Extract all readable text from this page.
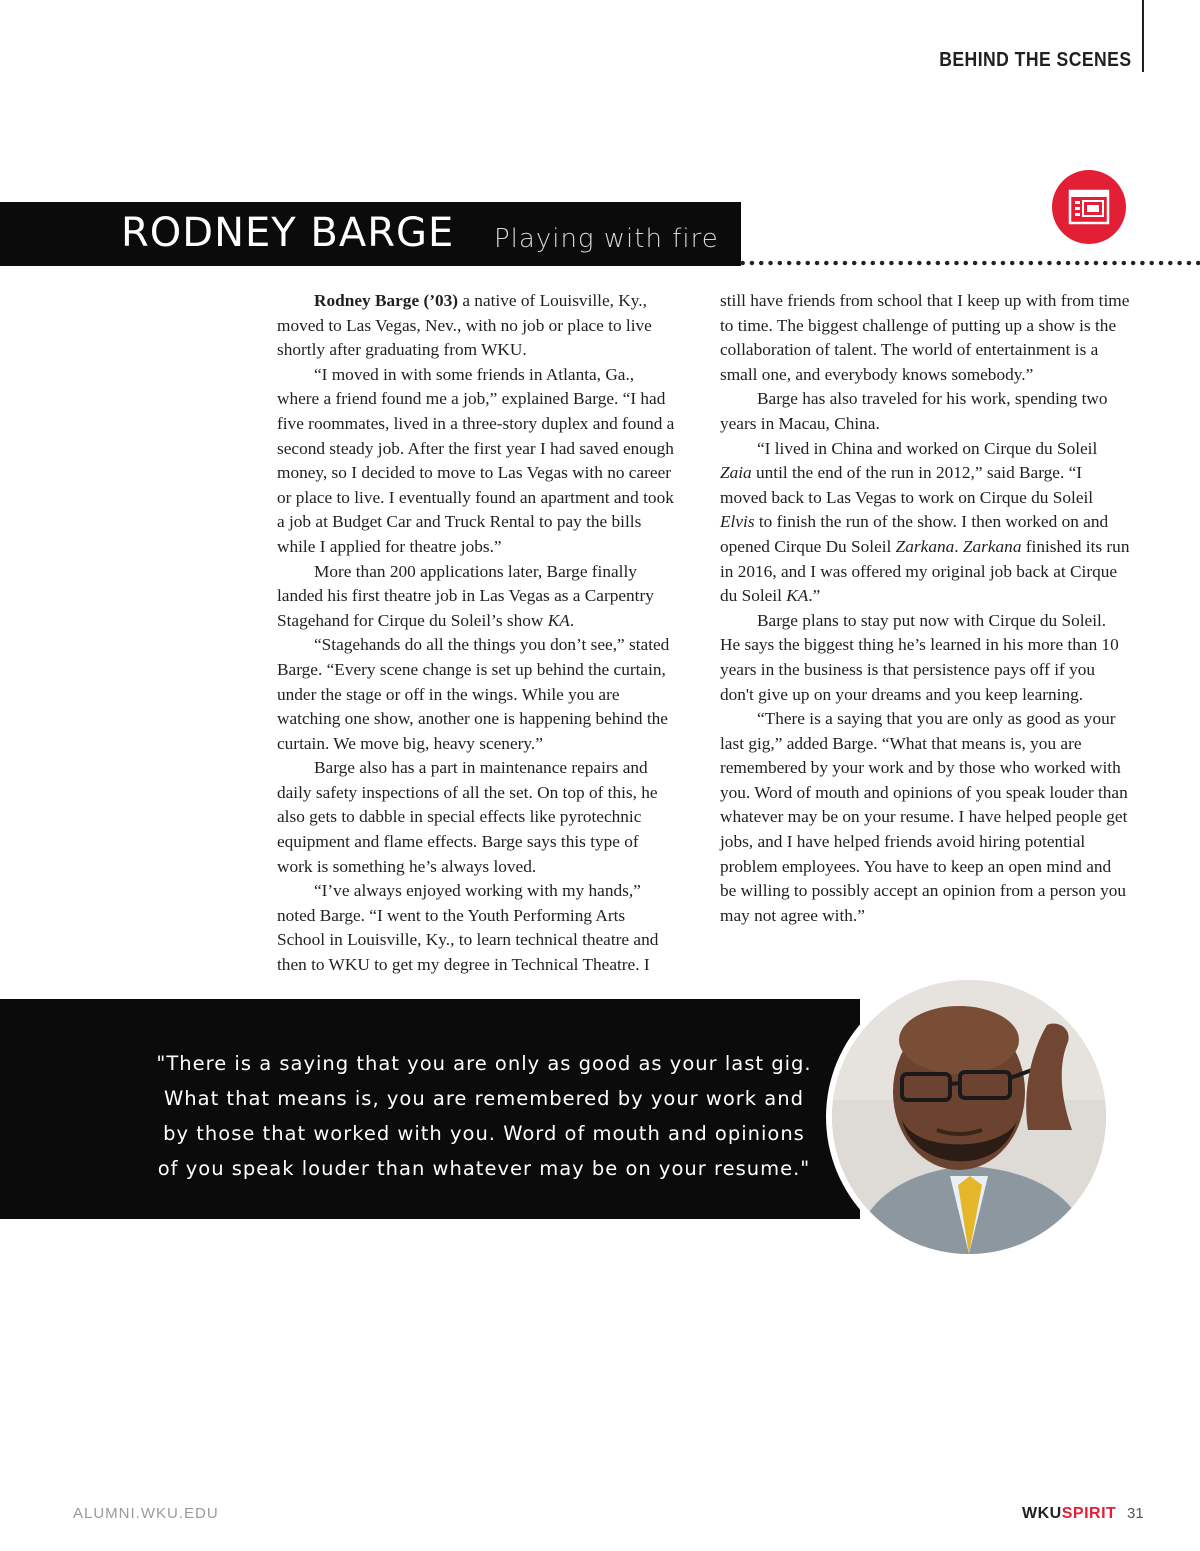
BEHIND THE SCENES
RODNEY BARGE Playing with fire

Rodney Barge (’03) a native of Louisville, Ky., moved to Las Vegas, Nev., with no job or place to live shortly after graduating from WKU.

“I moved in with some friends in Atlanta, Ga., where a friend found me a job,” explained Barge. “I had five roommates, lived in a three-story duplex and found a second steady job. After the first year I had saved enough money, so I decided to move to Las Vegas with no career or place to live. I eventually found an apartment and took a job at Budget Car and Truck Rental to pay the bills while I applied for theatre jobs.”

More than 200 applications later, Barge finally landed his first theatre job in Las Vegas as a Carpentry Stagehand for Cirque du Soleil’s show KA.

“Stagehands do all the things you don’t see,” stated Barge. “Every scene change is set up behind the curtain, under the stage or off in the wings. While you are watching one show, another one is happening behind the curtain. We move big, heavy scenery.”

Barge also has a part in maintenance repairs and daily safety inspections of all the set. On top of this, he also gets to dabble in special effects like pyrotechnic equipment and flame effects. Barge says this type of work is something he’s always loved.

“I’ve always enjoyed working with my hands,” noted Barge. “I went to the Youth Performing Arts School in Louisville, Ky., to learn technical theatre and then to WKU to get my degree in Technical Theatre. I

still have friends from school that I keep up with from time to time. The biggest challenge of putting up a show is the collaboration of talent. The world of entertainment is a small one, and everybody knows somebody.”

Barge has also traveled for his work, spending two years in Macau, China.

“I lived in China and worked on Cirque du Soleil Zaia until the end of the run in 2012,” said Barge. “I moved back to Las Vegas to work on Cirque du Soleil Elvis to finish the run of the show. I then worked on and opened Cirque Du Soleil Zarkana. Zarkana finished its run in 2016, and I was offered my original job back at Cirque du Soleil KA.”

Barge plans to stay put now with Cirque du Soleil. He says the biggest thing he’s learned in his more than 10 years in the business is that persistence pays off if you don't give up on your dreams and you keep learning.

“There is a saying that you are only as good as your last gig,” added Barge. “What that means is, you are remembered by your work and by those who worked with you. Word of mouth and opinions of you speak louder than whatever may be on your resume. I have helped people get jobs, and I have helped friends avoid hiring potential problem employees. You have to keep an open mind and be willing to possibly accept an opinion from a person you may not agree with.”

"There is a saying that you are only as good as your last gig. What that means is, you are remembered by your work and by those that worked with you. Word of mouth and opinions of you speak louder than whatever may be on your resume."
ALUMNI.WKU.EDU	WKUSPIRIT 31
